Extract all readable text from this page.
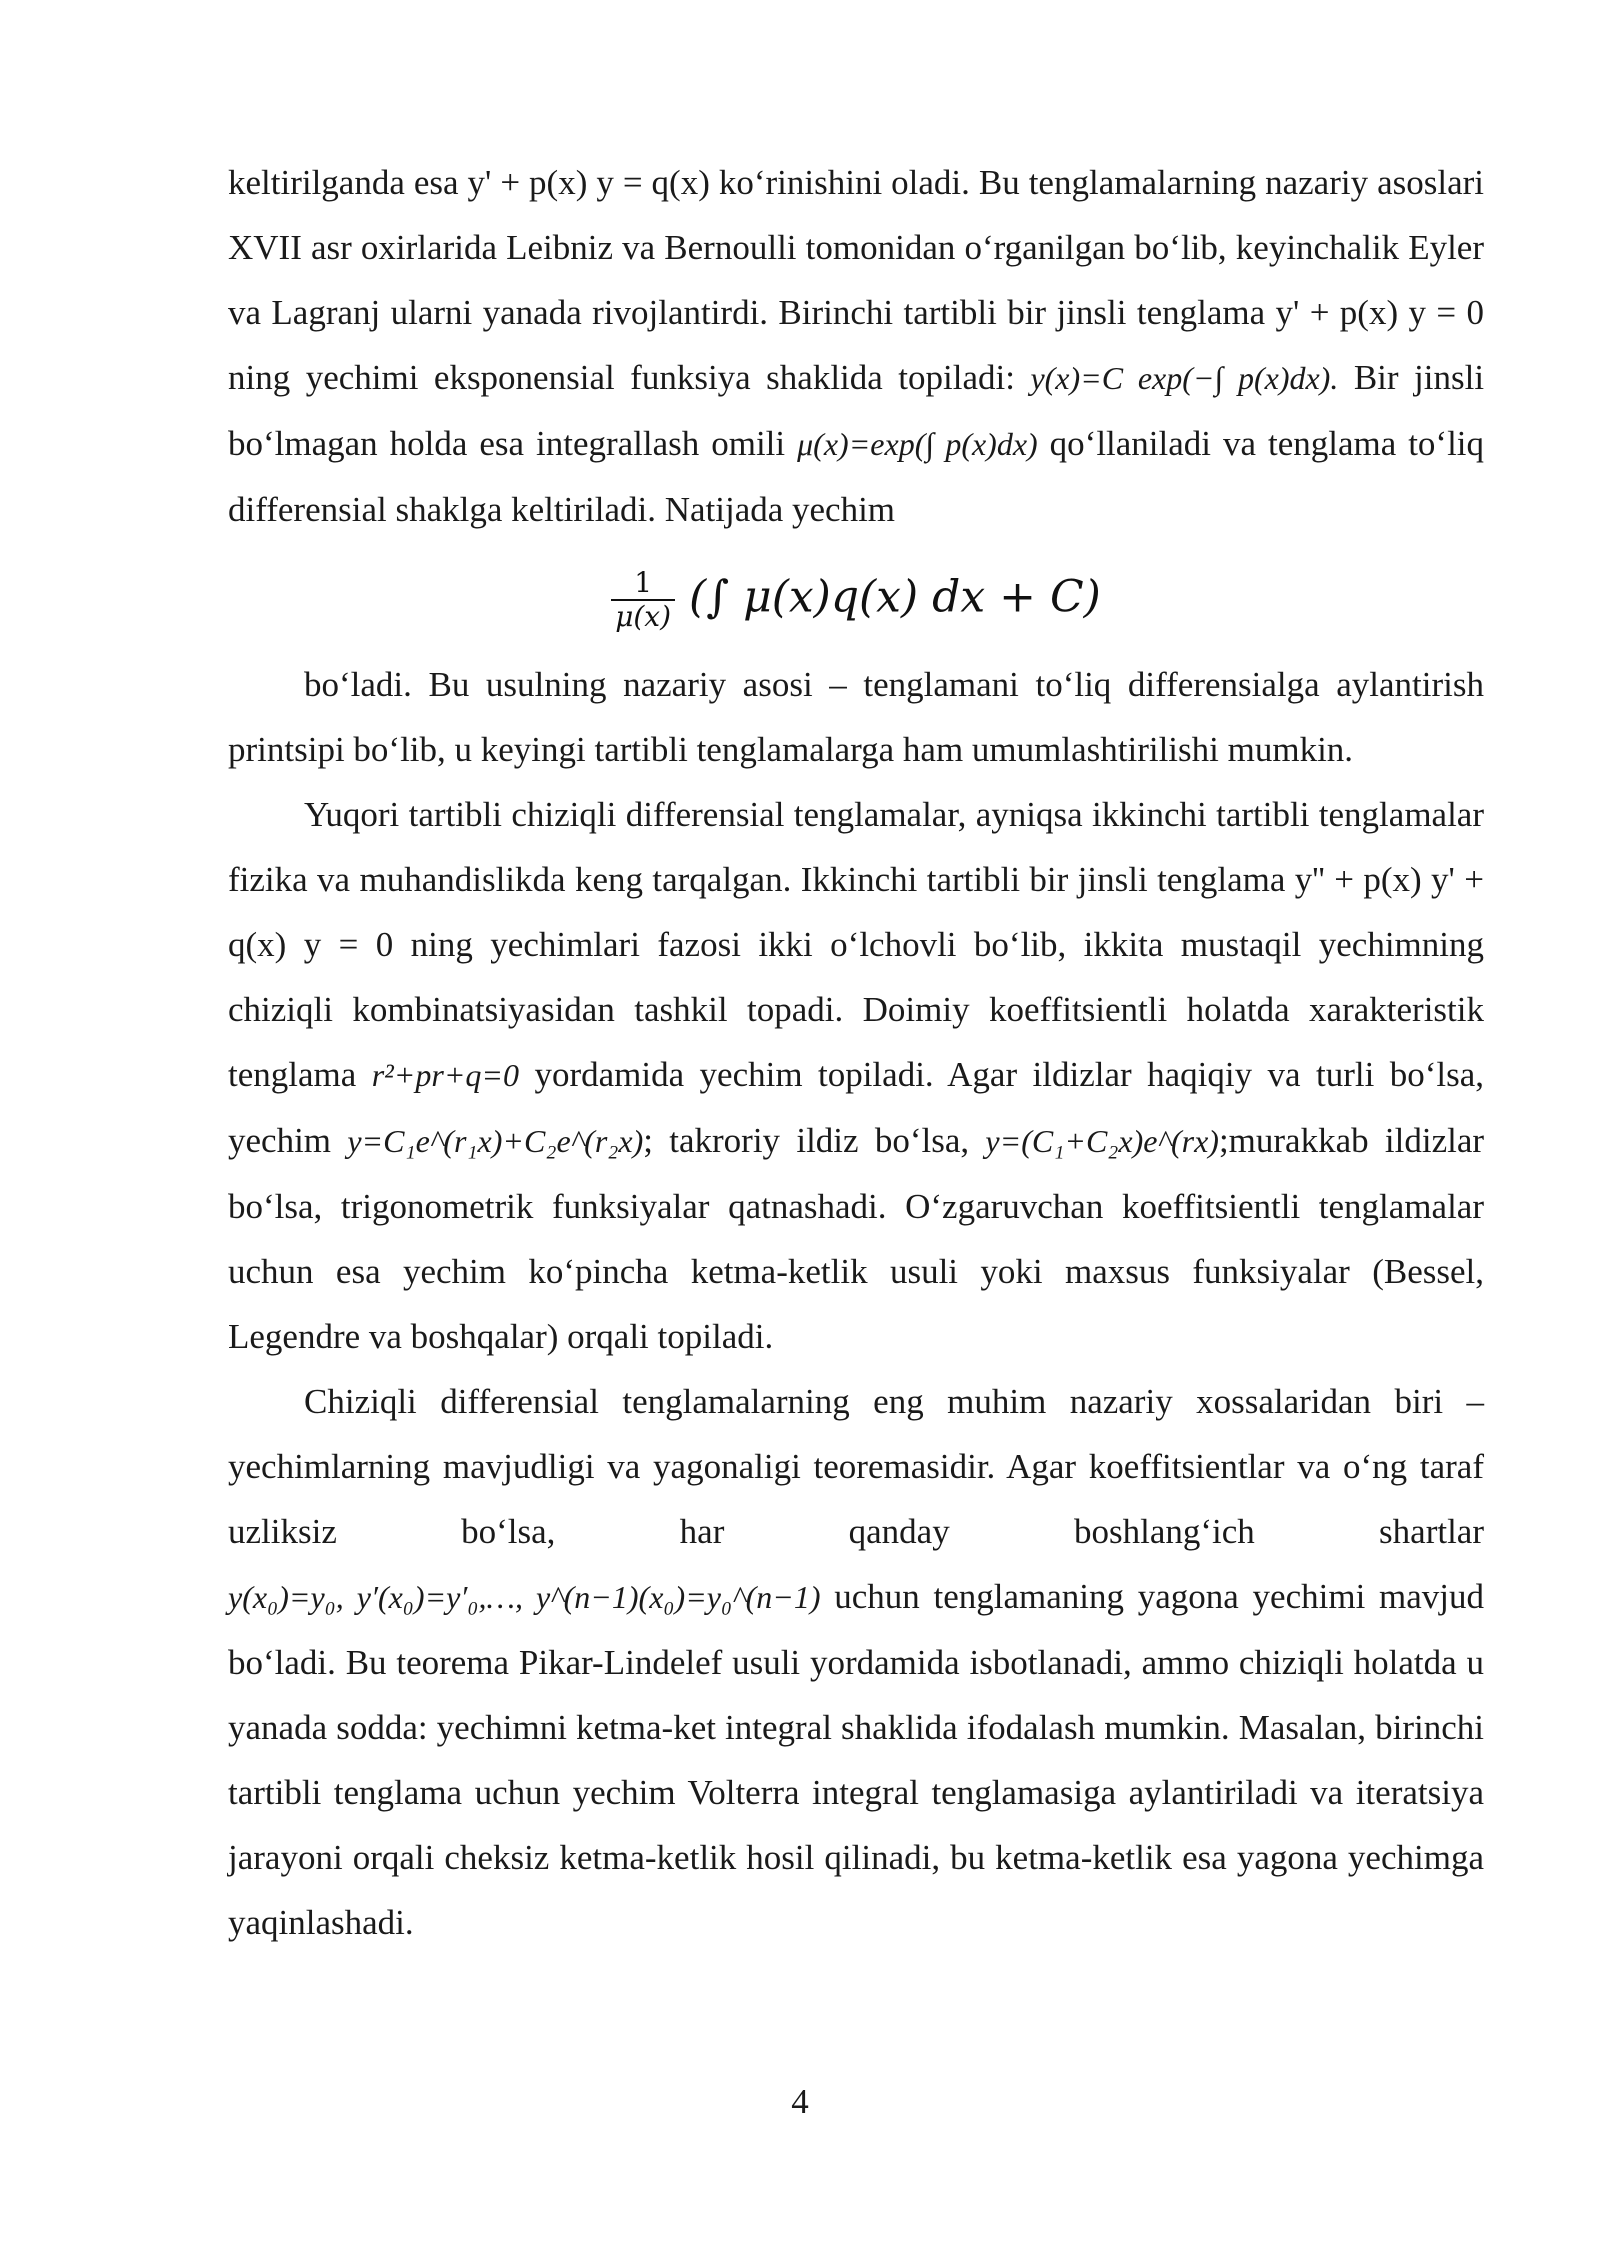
keltirilganda esa y' + p(x) y = q(x) ko‘rinishini oladi. Bu tenglamalarning nazariy asoslari XVII asr oxirlarida Leibniz va Bernoulli tomonidan o‘rganilgan bo‘lib, keyinchalik Eyler va Lagranj ularni yanada rivojlantirdi. Birinchi tartibli bir jinsli tenglama y' + p(x) y = 0 ning yechimi eksponensial funksiya shaklida topiladi: y(x)=C exp(−∫ p(x)dx). Bir jinsli bo‘lmagan holda esa integrallash omili μ(x)=exp(∫ p(x)dx) qo‘llaniladi va tenglama to‘liq differensial shaklga keltiriladi. Natijada yechim

$\frac{1}{\mu(x)}$ (∫ μ(x)q(x) dx + C)

bo‘ladi. Bu usulning nazariy asosi – tenglamani to‘liq differensialga aylantirish printsipi bo‘lib, u keyingi tartibli tenglamalarga ham umumlashtirilishi mumkin.

Yuqori tartibli chiziqli differensial tenglamalar, ayniqsa ikkinchi tartibli tenglamalar fizika va muhandislikda keng tarqalgan. Ikkinchi tartibli bir jinsli tenglama y'' + p(x) y' + q(x) y = 0 ning yechimlari fazosi ikki o‘lchovli bo‘lib, ikkita mustaqil yechimning chiziqli kombinatsiyasidan tashkil topadi. Doimiy koeffitsientli holatda xarakteristik tenglama r²+pr+q=0 yordamida yechim topiladi. Agar ildizlar haqiqiy va turli bo‘lsa, yechim y=C₁e^(r₁x)+C₂e^(r₂x); takroriy ildiz bo‘lsa, y=(C₁+C₂x)e^(rx);murakkab ildizlar bo‘lsa, trigonometrik funksiyalar qatnashadi. O‘zgaruvchan koeffitsientli tenglamalar uchun esa yechim ko‘pincha ketma-ketlik usuli yoki maxsus funksiyalar (Bessel, Legendre va boshqalar) orqali topiladi.

Chiziqli differensial tenglamalarning eng muhim nazariy xossalaridan biri – yechimlarning mavjudligi va yagonaligi teoremasidir. Agar koeffitsientlar va o‘ng taraf uzliksiz bo‘lsa, har qanday boshlang‘ich shartlar y(x₀)=y₀, y′(x₀)=y′₀,…, y^(n−1)(x₀)=y₀^(n−1) uchun tenglamaning yagona yechimi mavjud bo‘ladi. Bu teorema Pikar-Lindelef usuli yordamida isbotlanadi, ammo chiziqli holatda u yanada sodda: yechimni ketma-ket integral shaklida ifodalash mumkin. Masalan, birinchi tartibli tenglama uchun yechim Volterra integral tenglamasiga aylantiriladi va iteratsiya jarayoni orqali cheksiz ketma-ketlik hosil qilinadi, bu ketma-ketlik esa yagona yechimga yaqinlashadi.

4
